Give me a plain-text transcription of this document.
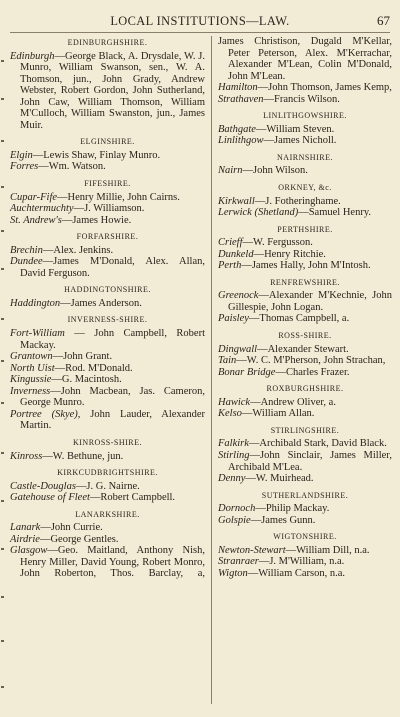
LOCAL INSTITUTIONS—LAW.	67
EDINBURGHSHIRE.
Edinburgh—George Black, A. Drysdale, W. J. Munro, William Swanson, sen., W. A. Thomson, jun., John Grady, Andrew Webster, Robert Gordon, John Sutherland, John Caw, William Thomson, William M'Culloch, William Swanston, jun., James Muir.
ELGINSHIRE.
Elgin—Lewis Shaw, Finlay Munro.
Forres—Wm. Watson.
FIFESHIRE.
Cupar-Fife—Henry Millie, John Cairns.
Auchtermuchty—J. Williamson.
St. Andrew's—James Howie.
FORFARSHIRE.
Brechin—Alex. Jenkins.
Dundee—James M'Donald, Alex. Allan, David Ferguson.
HADDINGTONSHIRE.
Haddington—James Anderson.
INVERNESS-SHIRE.
Fort-William — John Campbell, Robert Mackay.
Grantown—John Grant.
North Uist—Rod. M'Donald.
Kingussie—G. Macintosh.
Inverness—John Macbean, Jas. Cameron, George Munro.
Portree (Skye), John Lauder, Alexander Martin.
KINROSS-SHIRE.
Kinross—W. Bethune, jun.
KIRKCUDBRIGHTSHIRE.
Castle-Douglas—J. G. Nairne.
Gatehouse of Fleet—Robert Campbell.
LANARKSHIRE.
Lanark—John Currie.
Airdrie—George Gentles.
Glasgow—Geo. Maitland, Anthony Nish, Henry Miller, David Young, Robert Monro, John Roberton, Thos. Barclay, a,
James Christison, Dugald M'Kellar, Peter Peterson, Alex. M'Kerrachar, Alexander M'Lean, Colin M'Donald, John M'Lean.
Hamilton—John Thomson, James Kemp,
Strathaven—Francis Wilson.
LINLITHGOWSHIRE.
Bathgate—William Steven.
Linlithgow—James Nicholl.
NAIRNSHIRE.
Nairn—John Wilson.
ORKNEY, &c.
Kirkwall—J. Fotheringhame.
Lerwick (Shetland)—Samuel Henry.
PERTHSHIRE.
Crieff—W. Fergusson.
Dunkeld—Henry Ritchie.
Perth—James Hally, John M'Intosh.
RENFREWSHIRE.
Greenock—Alexander M'Kechnie, John Gillespie, John Logan.
Paisley—Thomas Campbell, a.
ROSS-SHIRE.
Dingwall—Alexander Stewart.
Tain—W. C. M'Pherson, John Strachan,
Bonar Bridge—Charles Frazer.
ROXBURGHSHIRE.
Hawick—Andrew Oliver, a.
Kelso—William Allan.
STIRLINGSHIRE.
Falkirk—Archibald Stark, David Black.
Stirling—John Sinclair, James Miller, Archibald M'Lea.
Denny—W. Muirhead.
SUTHERLANDSHIRE.
Dornoch—Philip Mackay.
Golspie—James Gunn.
WIGTONSHIRE.
Newton-Stewart—William Dill, n.a.
Stranraer—J. M'William, n.a.
Wigton—William Carson, n.a.
